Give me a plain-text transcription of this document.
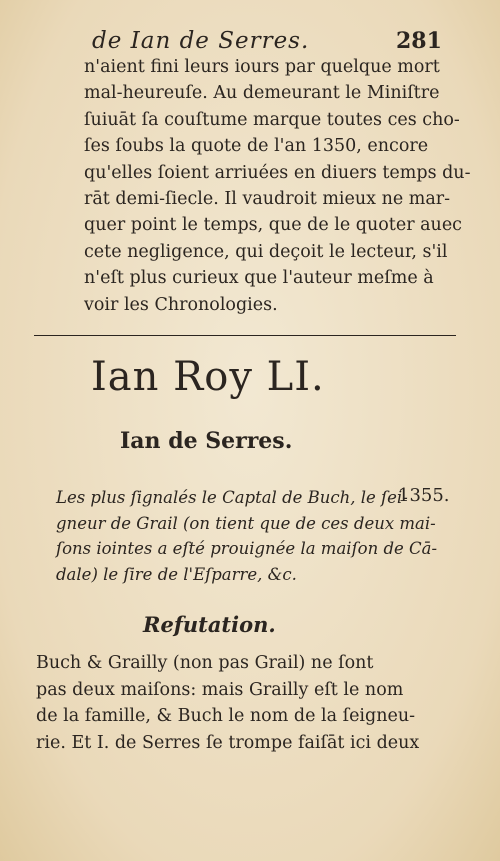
de Ian de Serres.	281

n'aient fini leurs iours par quelque mort
mal-heureuſe. Au demeurant le Miniſtre
ſuiuāt ſa couſtume marque toutes ces cho-
ſes ſoubs la quote de l'an 1350, encore
qu'elles ſoient arriuées en diuers temps du-
rāt demi-ſiecle. Il vaudroit mieux ne mar-
quer point le temps, que de le quoter auec
cete negligence, qui deçoit le lecteur, s'il
n'eſt plus curieux que l'auteur meſme à
voir les Chronologies.

Ian Roy LI.
Ian de Serres.

Les plus ſignalés le Captal de Buch, le ſei-
gneur de Grail (on tient que de ces deux mai-
ſons iointes a eſté prouignée la maiſon de Cā-
dale) le ſire de l'Eſparre, &c.

1355.
Refutation.

Buch & Grailly (non pas Grail) ne ſont
pas deux maiſons: mais Grailly eſt le nom
de la famille, & Buch le nom de la ſeigneu-
rie. Et I. de Serres ſe trompe faiſāt ici deux
